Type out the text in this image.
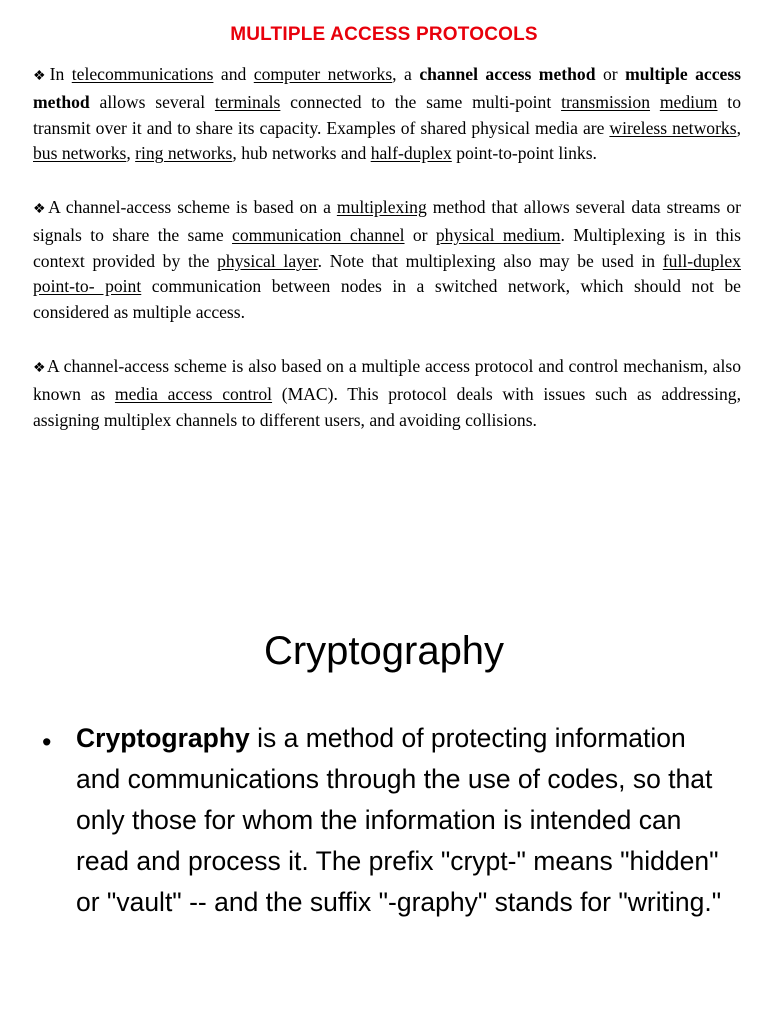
MULTIPLE ACCESS PROTOCOLS
❖In telecommunications and computer networks, a channel access method or multiple access method allows several terminals connected to the same multi-point transmission medium to transmit over it and to share its capacity. Examples of shared physical media are wireless networks, bus networks, ring networks, hub networks and half-duplex point-to-point links.
❖A channel-access scheme is based on a multiplexing method that allows several data streams or signals to share the same communication channel or physical medium. Multiplexing is in this context provided by the physical layer. Note that multiplexing also may be used in full-duplex point-to- point communication between nodes in a switched network, which should not be considered as multiple access.
❖A channel-access scheme is also based on a multiple access protocol and control mechanism, also known as media access control (MAC). This protocol deals with issues such as addressing, assigning multiplex channels to different users, and avoiding collisions.
Cryptography
• Cryptography is a method of protecting information and communications through the use of codes, so that only those for whom the information is intended can read and process it. The prefix "crypt-" means "hidden" or "vault" -- and the suffix "-graphy" stands for "writing."
